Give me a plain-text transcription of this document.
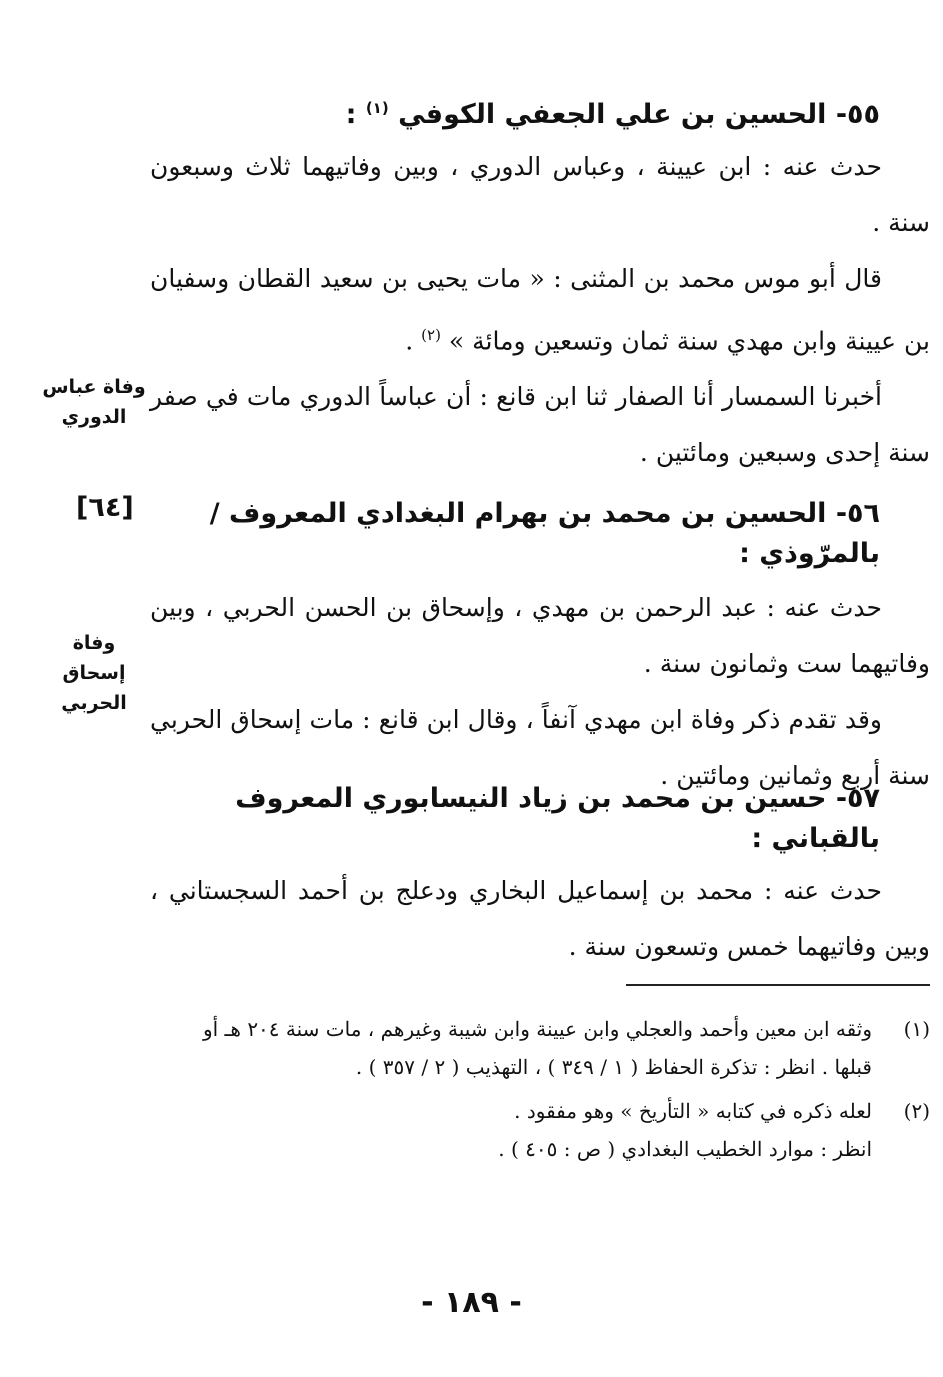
٥٥- الحسين بن علي الجعفي الكوفي $^{(١)}$ :
حدث عنه : ابن عيينة ، وعباس الدوري ، وبين وفاتيهما ثلاث وسبعون سنة .
قال أبو موس محمد بن المثنى : « مات يحيى بن سعيد القطان وسفيان بن عيينة وابن مهدي سنة ثمان وتسعين ومائة » $^{(٢)}$ .
أخبرنا السمسار أنا الصفار ثنا ابن قانع : أن عباساً الدوري مات في صفر سنة إحدى وسبعين ومائتين .
٥٦- الحسين بن محمد بن بهرام البغدادي المعروف / بالمرّوذي :
حدث عنه : عبد الرحمن بن مهدي ، وإسحاق بن الحسن الحربي ، وبين وفاتيهما ست وثمانون سنة .
وقد تقدم ذكر وفاة ابن مهدي آنفاً ، وقال ابن قانع : مات إسحاق الحربي سنة أربع وثمانين ومائتين .
٥٧- حسين بن محمد بن زياد النيسابوري المعروف بالقباني :
حدث عنه : محمد بن إسماعيل البخاري ودعلج بن أحمد السجستاني ، وبين وفاتيهما خمس وتسعون سنة .
وفاة عباس الدوري
[٦٤]
وفاة إسحاق الحربي
(١)
وثقه ابن معين وأحمد والعجلي وابن عيينة وابن شيبة وغيرهم ، مات سنة ٢٠٤ هـ أو
قبلها . انظر : تذكرة الحفاظ ( ١ / ٣٤٩ ) ، التهذيب ( ٢ / ٣٥٧ ) .
(٢)
لعله ذكره في كتابه « التأريخ » وهو مفقود .
انظر : موارد الخطيب البغدادي ( ص : ٤٠٥ ) .
- ١٨٩ -
